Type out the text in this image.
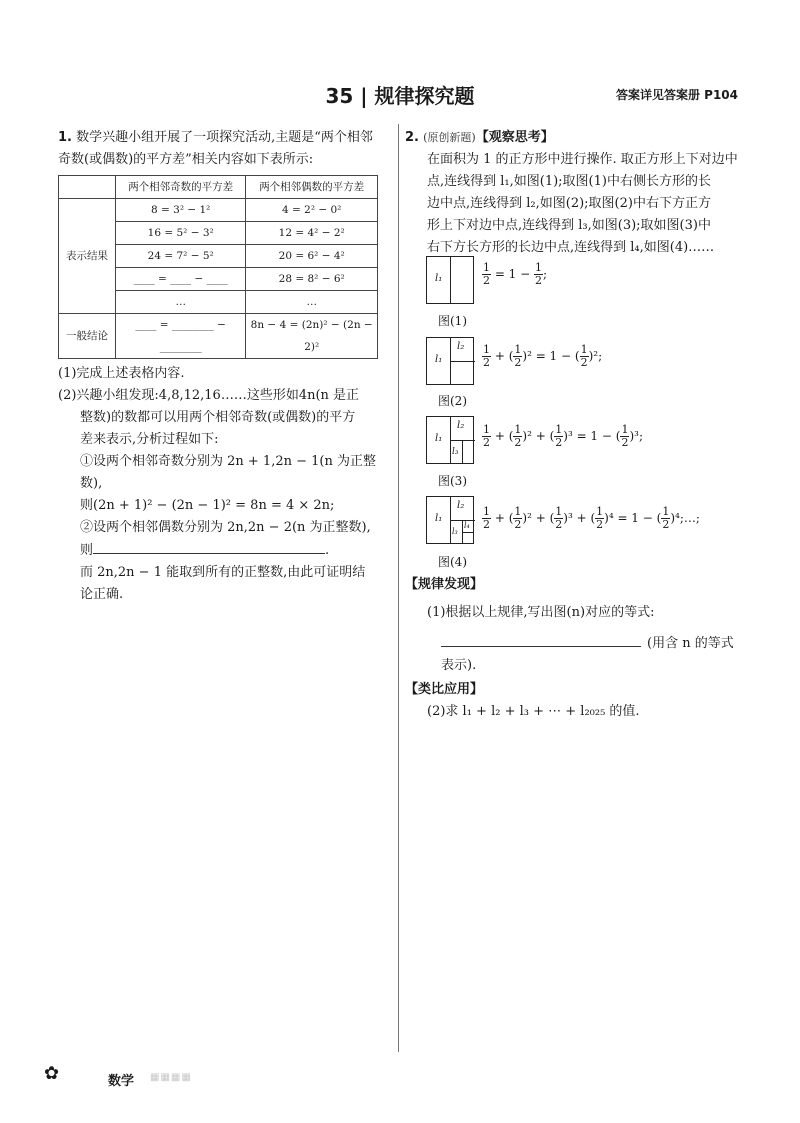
35 | 规律探究题	答案详见答案册 P104
1. 数学兴趣小组开展了一项探究活动,主题是“两个相邻
奇数(或偶数)的平方差”相关内容如下表所示:
	两个相邻奇数的平方差	两个相邻偶数的平方差
表示结果	8 = 3² − 1²	4 = 2² − 0²
	16 = 5² − 3²	12 = 4² − 2²
	24 = 7² − 5²	20 = 6² − 4²
	____ = ____ − ____	28 = 8² − 6²
	…	…
一般结论	____ = ________ − ________	8n − 4 = (2n)² − (2n − 2)²
(1)完成上述表格内容.
(2)兴趣小组发现:4,8,12,16……这些形如4n(n 是正
整数)的数都可以用两个相邻奇数(或偶数)的平方
差来表示,分析过程如下:
①设两个相邻奇数分别为 2n + 1,2n − 1(n 为正整
数),
则(2n + 1)² − (2n − 1)² = 8n = 4 × 2n;
②设两个相邻偶数分别为 2n,2n − 2(n 为正整数),
则	.
而 2n,2n − 1 能取到所有的正整数,由此可证明结
论正确.
2. (原创新题)【观察思考】
在面积为 1 的正方形中进行操作. 取正方形上下对边中
点,连线得到 l₁,如图(1);取图(1)中右侧长方形的长
边中点,连线得到 l₂,如图(2);取图(2)中右下方正方
形上下对边中点,连线得到 l₃,如图(3);取如图(3)中
右下方长方形的长边中点,连线得到 l₄,如图(4)……
l₁	$\frac{1}{2} = 1 - \frac{1}{2}$ ;
图(1)
l₁
$l_2 \frac{1}{2}$ + ( $\frac{1}{2} )^2 = 1$ − ( $\frac{1}{2} )^2$;
图(2)
l₁
l₂
l₃
$\frac{1}{2}$ + ( $\frac{1}{2} )^2$ + ( $\frac{1}{2} )^3 = 1$ − ( $\frac{1}{2} )^3$;
图(3)
l₁
l₂
l₃
$l_4 \frac{1}{2}$ + ( $\frac{1}{2} )^2$ + ( $\frac{1}{2} )^3$ + ( $\frac{1}{2} )^4 = 1$ − ( $\frac{1}{2}$ )⁴;…;
图(4)
【规律发现】
(1)根据以上规律,写出图(n)对应的等式:
(用含 n 的等式
表示).
【类比应用】
(2)求 l₁ + l₂ + l₃ + ⋯ + l₂₀₂₅ 的值.
✿	数学 ▦▦▦▦
